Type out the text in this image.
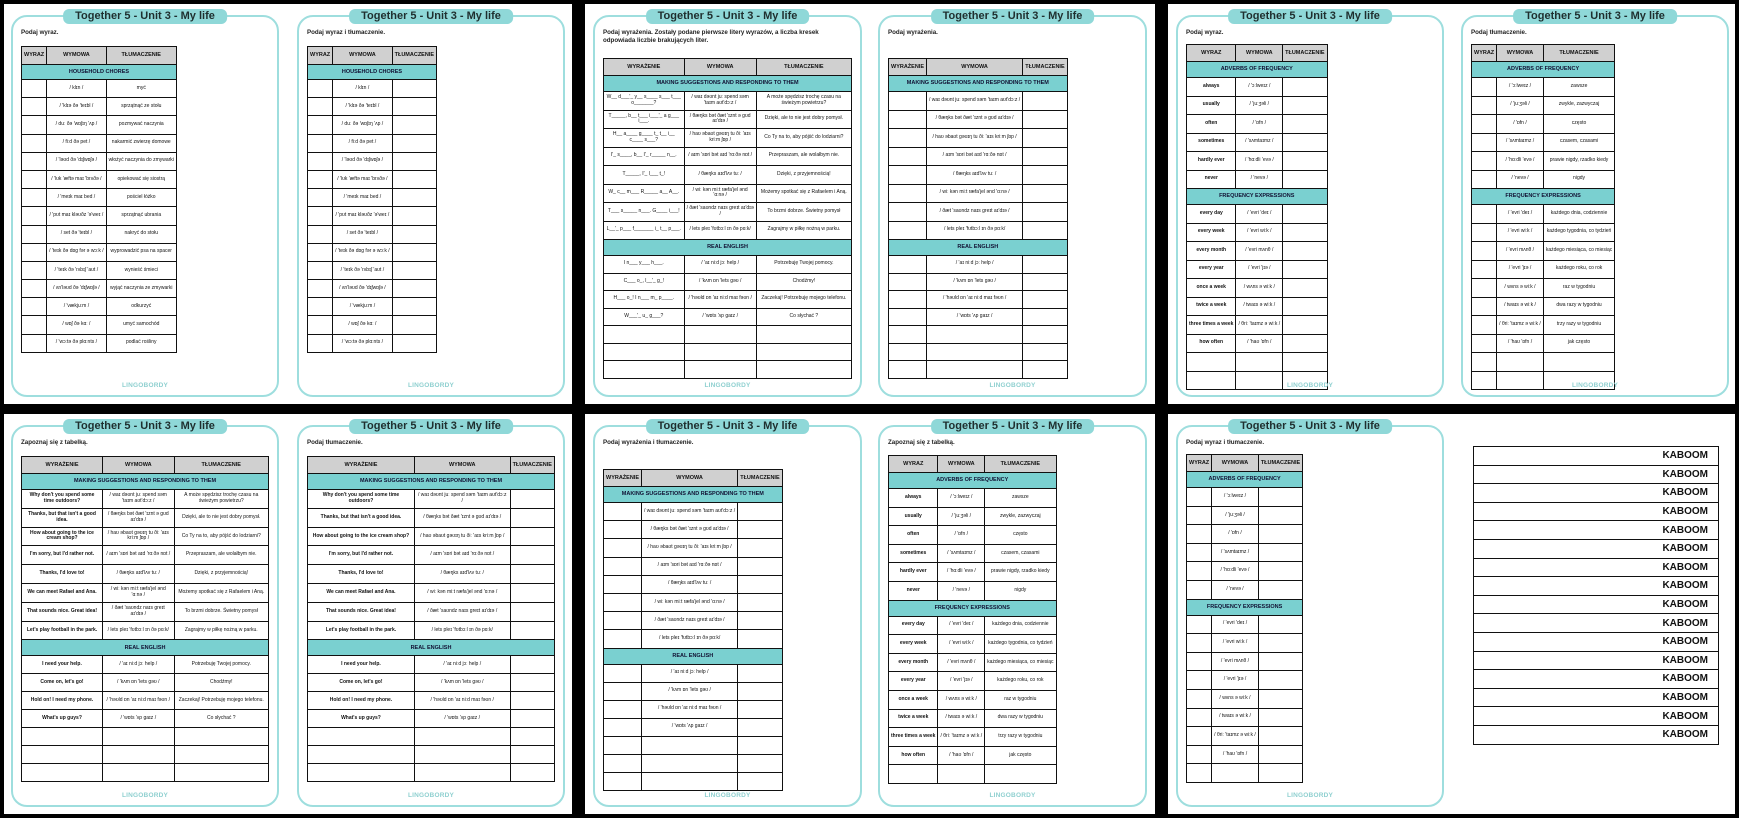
Together 5 - Unit 3 - My life
Podaj wyraz.
WYRAZ	WYMOWA	TŁUMACZENIE
HOUSEHOLD CHORES		
	/ klɪn /	myć
	/ 'klɪə ðə 'teɪbl /	sprzątnąć ze stołu
	/ duː ðə 'wɒʃɪŋ 'ʌp /	pozmywać naczynia
	/ fiːd ðə pet /	nakarmić zwierzę domowe
	/ 'ləʊd ðə 'dɪʃwɒʃə /	włożyć naczynia do zmywarki
	/ 'lʊk 'æftə maɪ 'brʌðə /	opiekować się siostrą
	/ 'meɪk maɪ bed /	pościel łóżko
	/ 'pʊt maɪ kləʊðz 'ə'weɪ /	sprzątnąć ubrania
	/ set ðə 'teɪbl /	nakryć do stołu
	/ 'teɪk ðə dɒg fər ə wɔːk /	wyprowadzić psa na spacer
	/ 'teɪk ðə 'rʌbɪʃ 'aʊt /	wynieść śmieci
	/ ʌn'ləʊd ðə 'dɪʃwɒʃə /	wyjąć naczynia ze zmywarki
	/ 'vækjuːm /	odkurzyć
	/ wɒʃ ðə kɑː /	umyć samochód
	/ 'wɔːtə ðə plɑːnts /	podlać rośliny
LINGOBORDY
Together 5 - Unit 3 - My life
Podaj wyraz i tłumaczenie.
WYRAZ	WYMOWA	TŁUMACZENIE
HOUSEHOLD CHORES		
	/ klɪn /	
	/ 'klɪə ðə 'teɪbl /	
	/ duː ðə 'wɒʃɪŋ 'ʌp /	
	/ fiːd ðə pet /	
	/ 'ləʊd ðə 'dɪʃwɒʃə /	
	/ 'lʊk 'æftə maɪ 'brʌðə /	
	/ 'meɪk maɪ bed /	
	/ 'pʊt maɪ kləʊðz 'ə'weɪ /	
	/ set ðə 'teɪbl /	
	/ 'teɪk ðə dɒg fər ə wɔːk /	
	/ 'teɪk ðə 'rʌbɪʃ 'aʊt /	
	/ ʌn'ləʊd ðə 'dɪʃwɒʃə /	
	/ 'vækjuːm /	
	/ wɒʃ ðə kɑː /	
	/ 'wɔːtə ðə plɑːnts /	
LINGOBORDY
Together 5 - Unit 3 - My life
Podaj wyrażenia. Zostały podane pierwsze litery wyrazów, a liczba kresek odpowiada liczbie brakujących liter.
WYRAŻENIE	WYMOWA	TŁUMACZENIE
MAKING SUGGESTIONS AND RESPONDING TO THEM		
W__ d___'_ y__ s____ s___ t___ o_______?	/ waɪ dəʊnt juː spend səm 'taɪm aʊt'dɔːz /	A może spędzisz trochę czasu na świeżym powietrzu?
T_____, b__ t___ i___'_ a g___ i___.	/ θæŋks bət ðæt 'ɪznt ə gʊd aɪ'dɪə /	Dzięki, ale to nie jest dobry pomysł.
H__ a____ g____ t_ t__ i__ c____ s___?	/ haʊ əbaʊt gəʊɪŋ tu ðiː 'aɪs kriːm ʃɒp /	Co Ty na to, aby pójść do lodziarni?
I'_ s____, b__ I'_ r_____ n__.	/ aɪm 'sɒri bət aɪd 'rɑːðə nɒt /	Przepraszam, ale wolałbym nie.
T_____, I'_ l___ t_!	/ θæŋks aɪd'lʌv tuː /	Dzięki, z przyjemnością!
W_ c__ m___ R_____ a__ A__.	/ wiː kən miːt ræfa'jel ənd 'ɑːnə /	Możemy spotkać się z Rafaelem i Aną.
T___ s_____ n___. G____ i___!	/ ðæt 'saʊndz naɪs greɪt aɪ'dɪə /	To brzmi dobrze. Świetny pomysł
L__'_ p___ f_______ i_ t__ p___.	/ lets pleɪ 'fʊtbɔːl ɪn ðə pɑːk/	Zagrajmy w piłkę nożną w parku.
REAL ENGLISH		
I n___ y___ h___.	/ 'aɪ niːd jɔː help /	Potrzebuję Twojej pomocy.
C___ o_, l__'_ g_!	/ 'kʌm ɒn 'lets gəʊ /	Chodźmy!
H___ o_! I n___ m_ p____.	/ 'həʊld ɒn 'aɪ niːd maɪ fəʊn /	Zaczekaj! Potrzebuję mojego telefonu.
W___'_ u_ g___?	/ 'wɒts 'ʌp gaɪz /	Co słychać ?

LINGOBORDY
Together 5 - Unit 3 - My life
Podaj wyrażenia.
WYRAŻENIE	WYMOWA	TŁUMACZENIE
MAKING SUGGESTIONS AND RESPONDING TO THEM		
	/ waɪ dəʊnt juː spend səm 'taɪm aʊt'dɔːz /	
	/ θæŋks bət ðæt 'ɪznt ə gʊd aɪ'dɪə /	
	/ haʊ əbaʊt gəʊɪŋ tu ðiː 'aɪs kriːm ʃɒp /	
	/ aɪm 'sɒri bət aɪd 'rɑːðə nɒt /	
	/ θæŋks aɪd'lʌv tuː /	
	/ wiː kən miːt ræfa'jel ənd 'ɑːnə /	
	/ ðæt 'saʊndz naɪs greɪt aɪ'dɪə /	
	/ lets pleɪ 'fʊtbɔːl ɪn ðə pɑːk/	
REAL ENGLISH		
	/ 'aɪ niːd jɔː help /	
	/ 'kʌm ɒn 'lets gəʊ /	
	/ 'həʊld ɒn 'aɪ niːd maɪ fəʊn /	
	/ 'wɒts 'ʌp gaɪz /	

LINGOBORDY
Together 5 - Unit 3 - My life
Podaj wyraz.
WYRAZ	WYMOWA	TŁUMACZENIE
ADVERBS OF FREQUENCY		
always	/ 'ɔːlweɪz /	
usually	/ 'juːʒəli /	
often	/ 'ɒfn /	
sometimes	/ 'sʌmtaɪmz /	
hardly ever	/ 'hɑːdli 'evə /	
never	/ 'nevə /	
FREQUENCY EXPRESSIONS		
every day	/ 'evri 'deɪ /	
every week	/ 'evri wiːk /	
every month	/ 'evri mʌnθ /	
every year	/ 'evri 'jɪə /	
once a week	/ wʌns ə wiːk /	
twice a week	/ twaɪs ə wiːk /	
three times a week	/ θriː 'taɪmz ə wiːk /	
how often	/ 'haʊ 'ɒfn /	

LINGOBORDY
Together 5 - Unit 3 - My life
Podaj tłumaczenie.
WYRAZ	WYMOWA	TŁUMACZENIE
ADVERBS OF FREQUENCY		
	/ 'ɔːlweɪz /	zawsze
	/ 'juːʒəli /	zwykle, zazwyczaj
	/ 'ɒfn /	często
	/ 'sʌmtaɪmz /	czasem, czasami
	/ 'hɑːdli 'evə /	prawie nigdy, rzadko kiedy
	/ 'nevə /	nigdy
FREQUENCY EXPRESSIONS		
	/ 'evri 'deɪ /	każdego dnia, codziennie
	/ 'evri wiːk /	każdego tygodnia, co tydzień
	/ 'evri mʌnθ /	każdego miesiąca, co miesiąc
	/ 'evri 'jɪə /	każdego roku, co rok
	/ wʌns ə wiːk /	raz w tygodniu
	/ twaɪs ə wiːk /	dwa razy w tygodniu
	/ θriː 'taɪmz ə wiːk /	trzy razy w tygodniu
	/ 'haʊ 'ɒfn /	jak często

LINGOBORDY
Together 5 - Unit 3 - My life
Zapoznaj się z tabelką.
WYRAŻENIE	WYMOWA	TŁUMACZENIE
MAKING SUGGESTIONS AND RESPONDING TO THEM		
Why don't you spend some time outdoors?	/ waɪ dəʊnt juː spend səm 'taɪm aʊt'dɔːz /	A może spędzisz trochę czasu na świeżym powietrzu?
Thanks, but that isn't a good idea.	/ θæŋks bət ðæt 'ɪznt ə gʊd aɪ'dɪə /	Dzięki, ale to nie jest dobry pomysł.
How about going to the ice cream shop?	/ haʊ əbaʊt gəʊɪŋ tu ðiː 'aɪs kriːm ʃɒp /	Co Ty na to, aby pójść do lodziarni?
I'm sorry, but I'd rather not.	/ aɪm 'sɒri bət aɪd 'rɑːðə nɒt /	Przepraszam, ale wolałbym nie.
Thanks, I'd love to!	/ θæŋks aɪd'lʌv tuː /	Dzięki, z przyjemnością!
We can meet Rafael and Ana.	/ wiː kən miːt ræfa'jel ənd 'ɑːnə /	Możemy spotkać się z Rafaelem i Aną.
That sounds nice. Great idea!	/ ðæt 'saʊndz naɪs greɪt aɪ'dɪə /	To brzmi dobrze. Świetny pomysł
Let's play football in the park.	/ lets pleɪ 'fʊtbɔːl ɪn ðə pɑːk/	Zagrajmy w piłkę nożną w parku.
REAL ENGLISH		
I need your help.	/ 'aɪ niːd jɔː help /	Potrzebuję Twojej pomocy.
Come on, let's go!	/ 'kʌm ɒn 'lets gəʊ /	Chodźmy!
Hold on! I need my phone.	/ 'həʊld ɒn 'aɪ niːd maɪ fəʊn /	Zaczekaj! Potrzebuję mojego telefonu.
What's up guys?	/ 'wɒts 'ʌp gaɪz /	Co słychać ?

LINGOBORDY
Together 5 - Unit 3 - My life
Podaj tłumaczenie.
WYRAŻENIE	WYMOWA	TŁUMACZENIE
MAKING SUGGESTIONS AND RESPONDING TO THEM		
Why don't you spend some time outdoors?	/ waɪ dəʊnt juː spend səm 'taɪm aʊt'dɔːz /	
Thanks, but that isn't a good idea.	/ θæŋks bət ðæt 'ɪznt ə gʊd aɪ'dɪə /	
How about going to the ice cream shop?	/ haʊ əbaʊt gəʊɪŋ tu ðiː 'aɪs kriːm ʃɒp /	
I'm sorry, but I'd rather not.	/ aɪm 'sɒri bət aɪd 'rɑːðə nɒt /	
Thanks, I'd love to!	/ θæŋks aɪd'lʌv tuː /	
We can meet Rafael and Ana.	/ wiː kən miːt ræfa'jel ənd 'ɑːnə /	
That sounds nice. Great idea!	/ ðæt 'saʊndz naɪs greɪt aɪ'dɪə /	
Let's play football in the park.	/ lets pleɪ 'fʊtbɔːl ɪn ðə pɑːk/	
REAL ENGLISH		
I need your help.	/ 'aɪ niːd jɔː help /	
Come on, let's go!	/ 'kʌm ɒn 'lets gəʊ /	
Hold on! I need my phone.	/ 'həʊld ɒn 'aɪ niːd maɪ fəʊn /	
What's up guys?	/ 'wɒts 'ʌp gaɪz /	

LINGOBORDY
Together 5 - Unit 3 - My life
Podaj wyrażenia i tłumaczenie.
WYRAŻENIE	WYMOWA	TŁUMACZENIE
MAKING SUGGESTIONS AND RESPONDING TO THEM		
	/ waɪ dəʊnt juː spend səm 'taɪm aʊt'dɔːz /	
	/ θæŋks bət ðæt 'ɪznt ə gʊd aɪ'dɪə /	
	/ haʊ əbaʊt gəʊɪŋ tu ðiː 'aɪs kriːm ʃɒp /	
	/ aɪm 'sɒri bət aɪd 'rɑːðə nɒt /	
	/ θæŋks aɪd'lʌv tuː /	
	/ wiː kən miːt ræfa'jel ənd 'ɑːnə /	
	/ ðæt 'saʊndz naɪs greɪt aɪ'dɪə /	
	/ lets pleɪ 'fʊtbɔːl ɪn ðə pɑːk/	
REAL ENGLISH		
	/ 'aɪ niːd jɔː help /	
	/ 'kʌm ɒn 'lets gəʊ /	
	/ 'həʊld ɒn 'aɪ niːd maɪ fəʊn /	
	/ 'wɒts 'ʌp gaɪz /	

LINGOBORDY
Together 5 - Unit 3 - My life
Zapoznaj się z tabelką.
WYRAZ	WYMOWA	TŁUMACZENIE
ADVERBS OF FREQUENCY		
always	/ 'ɔːlweɪz /	zawsze
usually	/ 'juːʒəli /	zwykle, zazwyczaj
often	/ 'ɒfn /	często
sometimes	/ 'sʌmtaɪmz /	czasem, czasami
hardly ever	/ 'hɑːdli 'evə /	prawie nigdy, rzadko kiedy
never	/ 'nevə /	nigdy
FREQUENCY EXPRESSIONS		
every day	/ 'evri 'deɪ /	każdego dnia, codziennie
every week	/ 'evri wiːk /	każdego tygodnia, co tydzień
every month	/ 'evri mʌnθ /	każdego miesiąca, co miesiąc
every year	/ 'evri 'jɪə /	każdego roku, co rok
once a week	/ wʌns ə wiːk /	raz w tygodniu
twice a week	/ twaɪs ə wiːk /	dwa razy w tygodniu
three times a week	/ θriː 'taɪmz ə wiːk /	trzy razy w tygodniu
how often	/ 'haʊ 'ɒfn /	jak często

LINGOBORDY
Together 5 - Unit 3 - My life
Podaj wyraz i tłumaczenie.
WYRAZ	WYMOWA	TŁUMACZENIE
ADVERBS OF FREQUENCY		
	/ 'ɔːlweɪz /	
	/ 'juːʒəli /	
	/ 'ɒfn /	
	/ 'sʌmtaɪmz /	
	/ 'hɑːdli 'evə /	
	/ 'nevə /	
FREQUENCY EXPRESSIONS		
	/ 'evri 'deɪ /	
	/ 'evri wiːk /	
	/ 'evri mʌnθ /	
	/ 'evri 'jɪə /	
	/ wʌns ə wiːk /	
	/ twaɪs ə wiːk /	
	/ θriː 'taɪmz ə wiːk /	
	/ 'haʊ 'ɒfn /	

LINGOBORDY
KABOOM
KABOOM
KABOOM
KABOOM
KABOOM
KABOOM
KABOOM
KABOOM
KABOOM
KABOOM
KABOOM
KABOOM
KABOOM
KABOOM
KABOOM
KABOOM
